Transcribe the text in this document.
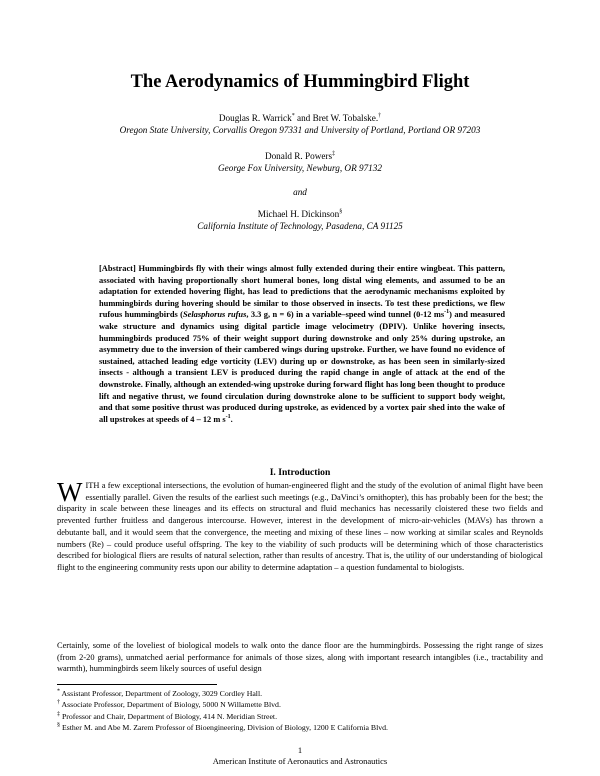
The Aerodynamics of Hummingbird Flight
Douglas R. Warrick* and Bret W. Tobalske.†
Oregon State University, Corvallis Oregon 97331 and University of Portland, Portland OR 97203
Donald R. Powers‡
George Fox University, Newburg, OR 97132
and
Michael H. Dickinson§
California Institute of Technology, Pasadena, CA 91125
[Abstract] Hummingbirds fly with their wings almost fully extended during their entire wingbeat. This pattern, associated with having proportionally short humeral bones, long distal wing elements, and assumed to be an adaptation for extended hovering flight, has lead to predictions that the aerodynamic mechanisms exploited by hummingbirds during hovering should be similar to those observed in insects. To test these predictions, we flew rufous hummingbirds (Selasphorus rufus, 3.3 g, n = 6) in a variable–speed wind tunnel (0-12 $ms^{-1}$) and measured wake structure and dynamics using digital particle image velocimetry (DPIV). Unlike hovering insects, hummingbirds produced 75% of their weight support during downstroke and only 25% during upstroke, an asymmetry due to the inversion of their cambered wings during upstroke. Further, we have found no evidence of sustained, attached leading edge vorticity (LEV) during up or downstroke, as has been seen in similarly-sized insects - although a transient LEV is produced during the rapid change in angle of attack at the end of the downstroke. Finally, although an extended-wing upstroke during forward flight has long been thought to produce lift and negative thrust, we found circulation during downstroke alone to be sufficient to support body weight, and that some positive thrust was produced during upstroke, as evidenced by a vortex pair shed into the wake of all upstrokes at speeds of 4 – 12 m $s^{-1}$.
I. Introduction
WITH a few exceptional intersections, the evolution of human-engineered flight and the study of the evolution of animal flight have been essentially parallel. Given the results of the earliest such meetings (e.g., DaVinci’s ornithopter), this has probably been for the best; the disparity in scale between these lineages and its effects on structural and fluid mechanics has necessarily cloistered these two fields and prevented further fruitless and dangerous intercourse. However, interest in the development of micro-air-vehicles (MAVs) has thrown a debutante ball, and it would seem that the convergence, the meeting and mixing of these lines – now working at similar scales and Reynolds numbers (Re) – could produce useful offspring. The key to the viability of such products will be determining which of those characteristics described for biological fliers are results of natural selection, rather than results of ancestry. That is, the utility of our understanding of biological flight to the engineering community rests upon our ability to determine adaptation – a question fundamental to biologists.
Certainly, some of the loveliest of biological models to walk onto the dance floor are the hummingbirds. Possessing the right range of sizes (from 2-20 grams), unmatched aerial performance for animals of those sizes, along with important research intangibles (i.e., tractability and warmth), hummingbirds seem likely sources of useful design
* Assistant Professor, Department of Zoology, 3029 Cordley Hall.
† Associate Professor, Department of Biology, 5000 N Willamette Blvd.
‡ Professor and Chair, Department of Biology, 414 N. Meridian Street.
§ Esther M. and Abe M. Zarem Professor of Bioengineering, Division of Biology, 1200 E California Blvd.
1
American Institute of Aeronautics and Astronautics
